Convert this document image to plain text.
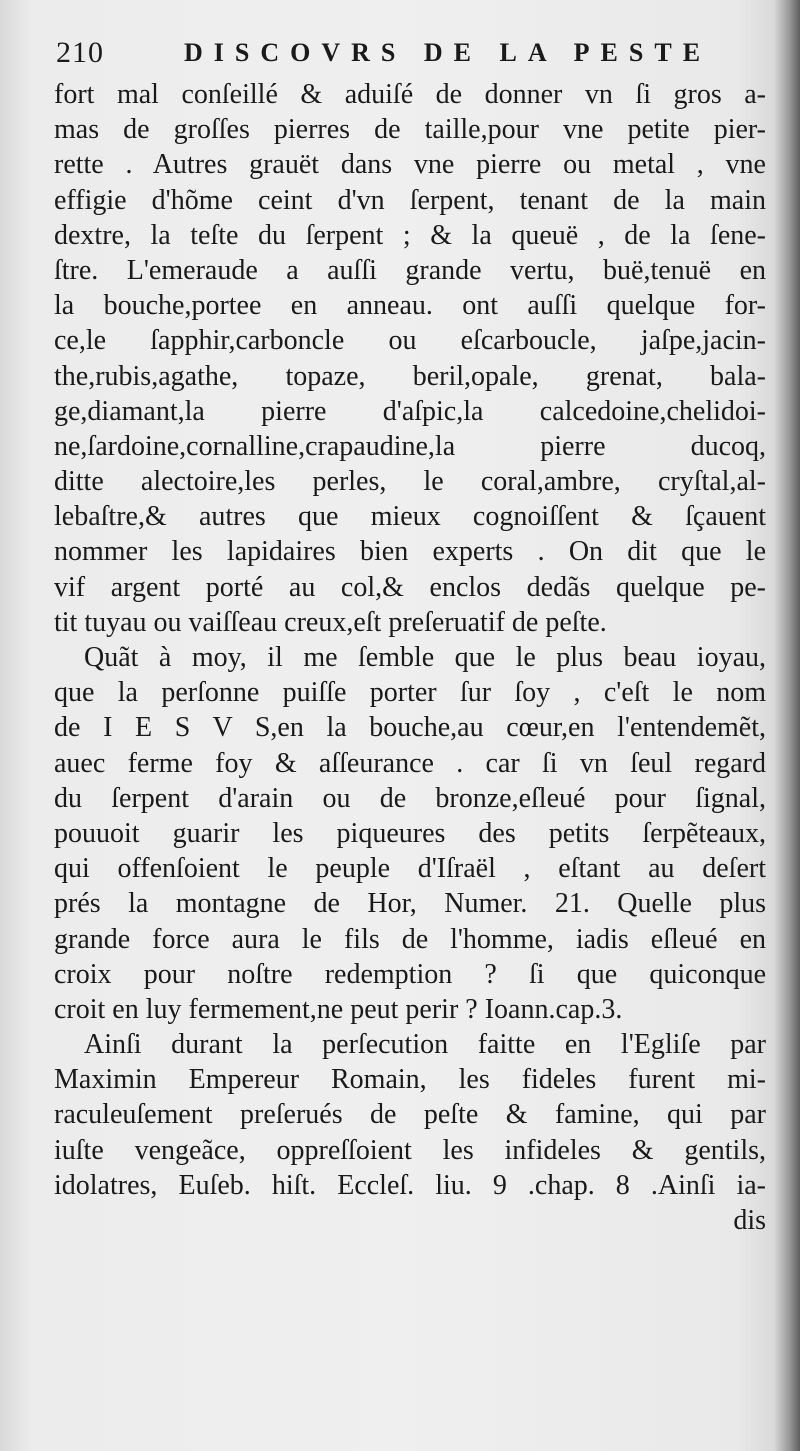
210	DISCOVRS DE LA PESTE
fort mal conſeillé & aduiſé de donner vn ſi gros a-
mas de groſſes pierres de taille,pour vne petite pier-
rette . Autres grauët dans vne pierre ou metal , vne
effigie d'hõme ceint d'vn ſerpent, tenant de la main
dextre, la teſte du ſerpent ; & la queuë , de la ſene-
ſtre. L'emeraude a auſſi grande vertu, buë,tenuë en
la bouche,portee en anneau. ont auſſi quelque for-
ce,le ſapphir,carboncle ou eſcarboucle, jaſpe,jacin-
the,rubis,agathe, topaze, beril,opale, grenat, bala-
ge,diamant,la pierre d'aſpic,la calcedoine,chelidoi-
ne,ſardoine,cornalline,crapaudine,la pierre ducoq,
ditte alectoire,les perles, le coral,ambre, cryſtal,al-
lebaſtre,& autres que mieux cognoiſſent & ſçauent
nommer les lapidaires bien experts . On dit que le
vif argent porté au col,& enclos dedãs quelque pe-
tit tuyau ou vaiſſeau creux,eſt preſeruatif de peſte.
Quãt à moy, il me ſemble que le plus beau ioyau,
que la perſonne puiſſe porter ſur ſoy , c'eſt le nom
de I E S V S,en la bouche,au cœur,en l'entendemẽt,
auec ferme foy & aſſeurance . car ſi vn ſeul regard
du ſerpent d'arain ou de bronze,eſleué pour ſignal,
pouuoit guarir les piqueures des petits ſerpẽteaux,
qui offenſoient le peuple d'Iſraël , eſtant au deſert
prés la montagne de Hor, Numer. 21. Quelle plus
grande force aura le fils de l'homme, iadis eſleué en
croix pour noſtre redemption ? ſi que quiconque
croit en luy fermement,ne peut perir ? Ioann.cap.3.
Ainſi durant la perſecution faitte en l'Egliſe par
Maximin Empereur Romain, les fideles furent mi-
raculeuſement preſerués de peſte & famine, qui par
iuſte vengeãce, oppreſſoient les infideles & gentils,
idolatres, Euſeb. hiſt. Eccleſ. liu. 9 .chap. 8 .Ainſi ia-
dis
